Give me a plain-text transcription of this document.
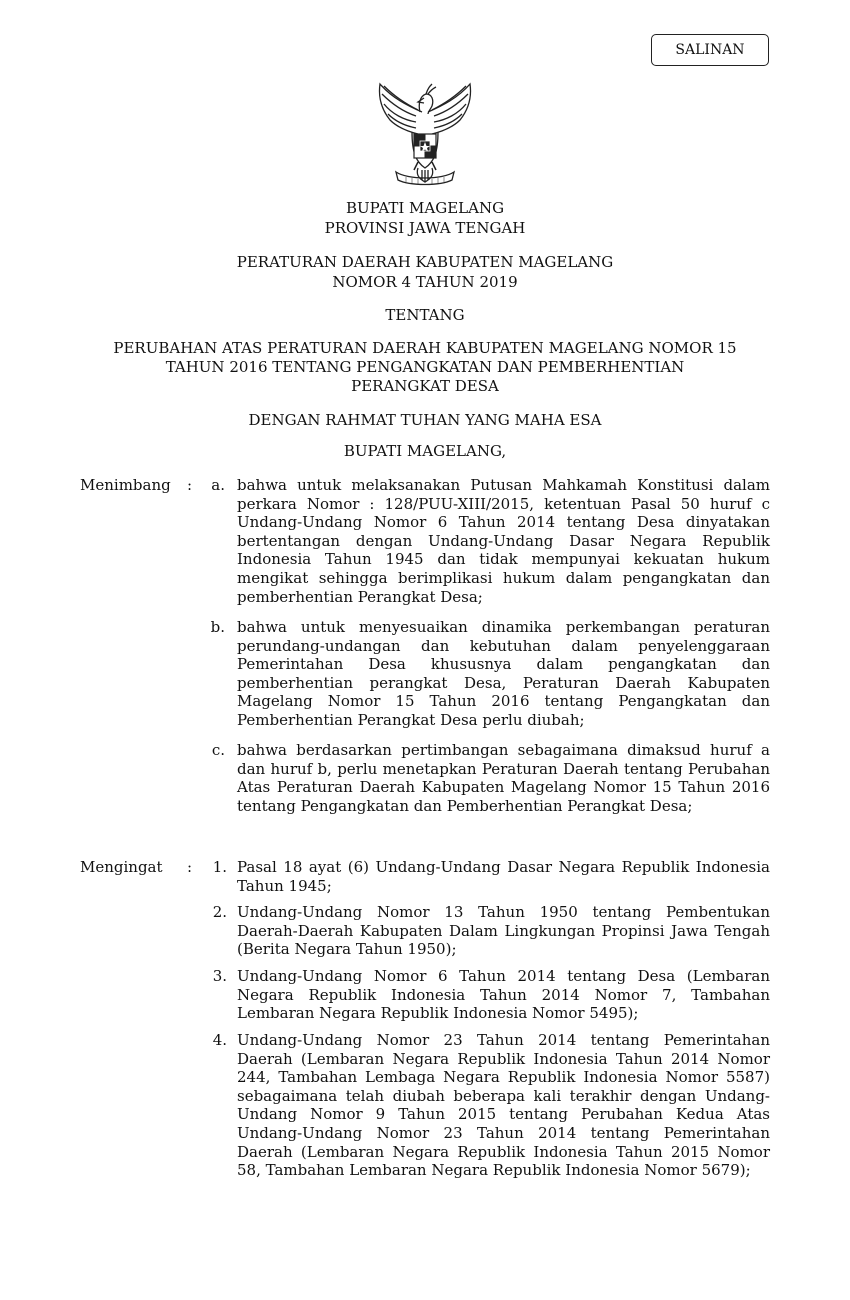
SALINAN
BUPATI MAGELANG
PROVINSI JAWA TENGAH
PERATURAN DAERAH KABUPATEN MAGELANG
NOMOR 4 TAHUN 2019
TENTANG
PERUBAHAN ATAS PERATURAN DAERAH KABUPATEN MAGELANG NOMOR 15
TAHUN 2016 TENTANG PENGANGKATAN DAN PEMBERHENTIAN
PERANGKAT DESA
DENGAN RAHMAT TUHAN YANG MAHA ESA
BUPATI MAGELANG,
Menimbang :	a. bahwa untuk melaksanakan Putusan Mahkamah Konstitusi dalam perkara Nomor : 128/PUU-XIII/2015, ketentuan Pasal 50 huruf c Undang-Undang Nomor 6 Tahun 2014 tentang Desa dinyatakan bertentangan dengan Undang-Undang Dasar Negara Republik Indonesia Tahun 1945 dan tidak mempunyai kekuatan hukum mengikat sehingga berimplikasi hukum dalam pengangkatan dan pemberhentian Perangkat Desa;
b. bahwa untuk menyesuaikan dinamika perkembangan peraturan perundang-undangan dan kebutuhan dalam penyelenggaraan Pemerintahan Desa khususnya dalam pengangkatan dan pemberhentian perangkat Desa, Peraturan Daerah Kabupaten Magelang Nomor 15 Tahun 2016 tentang Pengangkatan dan Pemberhentian Perangkat Desa perlu diubah;
c. bahwa berdasarkan pertimbangan sebagaimana dimaksud huruf a dan huruf b, perlu menetapkan Peraturan Daerah tentang Perubahan Atas Peraturan Daerah Kabupaten Magelang Nomor 15 Tahun 2016 tentang Pengangkatan dan Pemberhentian Perangkat Desa;
Mengingat :	1. Pasal 18 ayat (6) Undang-Undang Dasar Negara Republik Indonesia Tahun 1945;
2. Undang-Undang Nomor 13 Tahun 1950 tentang Pembentukan Daerah-Daerah Kabupaten Dalam Lingkungan Propinsi Jawa Tengah (Berita Negara Tahun 1950);
3. Undang-Undang Nomor 6 Tahun 2014 tentang Desa (Lembaran Negara Republik Indonesia Tahun 2014 Nomor 7, Tambahan Lembaran Negara Republik Indonesia Nomor 5495);
4. Undang-Undang Nomor 23 Tahun 2014 tentang Pemerintahan Daerah (Lembaran Negara Republik Indonesia Tahun 2014 Nomor 244, Tambahan Lembaga Negara Republik Indonesia Nomor 5587) sebagaimana telah diubah beberapa kali terakhir dengan Undang-Undang Nomor 9 Tahun 2015 tentang Perubahan Kedua Atas Undang-Undang Nomor 23 Tahun 2014 tentang Pemerintahan Daerah (Lembaran Negara Republik Indonesia Tahun 2015 Nomor 58, Tambahan Lembaran Negara Republik Indonesia Nomor 5679);
